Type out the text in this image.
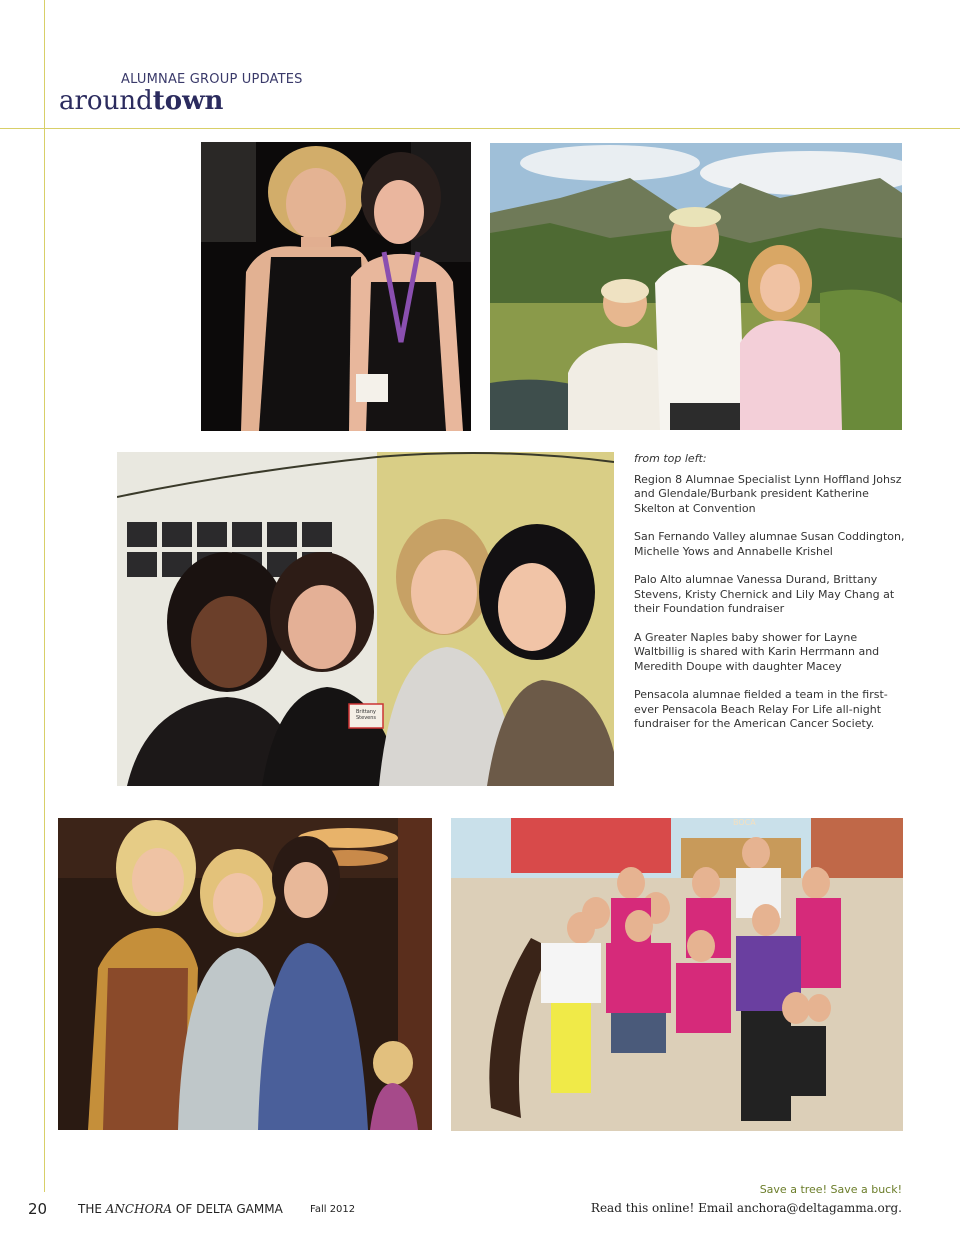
ALUMNAE GROUP UPDATES
aroundtown
Brittany Stevens
from top left:

Region 8 Alumnae Specialist Lynn Hoffland Johsz and Glendale/Burbank president Katherine Skelton at Convention

San Fernando Valley alumnae Susan Coddington, Michelle Yows and Annabelle Krishel

Palo Alto alumnae Vanessa Durand, Brittany Stevens, Kristy Chernick and Lily May Chang at their Foundation fundraiser

A Greater Naples baby shower for Layne Waltbillig is shared with Karin Herrmann and Meredith Doupe with daughter Macey

Pensacola alumnae fielded a team in the first-ever Pensacola Beach Relay For Life all-night fundraiser for the American Cancer Society.

BOCA
Save a tree! Save a buck!
Read this online! Email anchora@deltagamma.org.
20	THE ANCHORA OF DELTA GAMMA	Fall 2012
